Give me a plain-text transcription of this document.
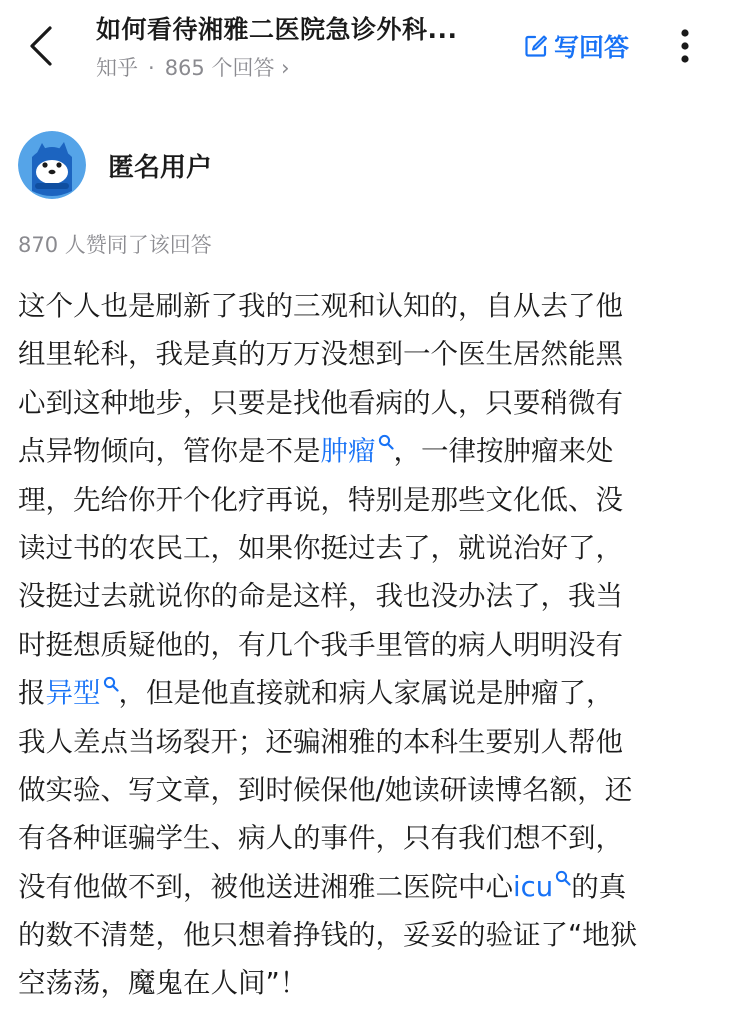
如何看待湘雅二医院急诊外科...
知乎 · 865 个回答 ›
写回答
匿名用户
870 人赞同了该回答
这个人也是刷新了我的三观和认知的，自从去了他
组里轮科，我是真的万万没想到一个医生居然能黑
心到这种地步，只要是找他看病的人，只要稍微有
点异物倾向，管你是不是肿瘤 ，一律按肿瘤来处
理，先给你开个化疗再说，特别是那些文化低、没
读过书的农民工，如果你挺过去了，就说治好了，
没挺过去就说你的命是这样，我也没办法了，我当
时挺想质疑他的，有几个我手里管的病人明明没有
报异型 ，但是他直接就和病人家属说是肿瘤了，
我人差点当场裂开；还骗湘雅的本科生要别人帮他
做实验、写文章，到时候保他/她读研读博名额，还
有各种诓骗学生、病人的事件，只有我们想不到，
没有他做不到，被他送进湘雅二医院中心icu 的真
的数不清楚，他只想着挣钱的，妥妥的验证了“地狱
空荡荡，魔鬼在人间”！
